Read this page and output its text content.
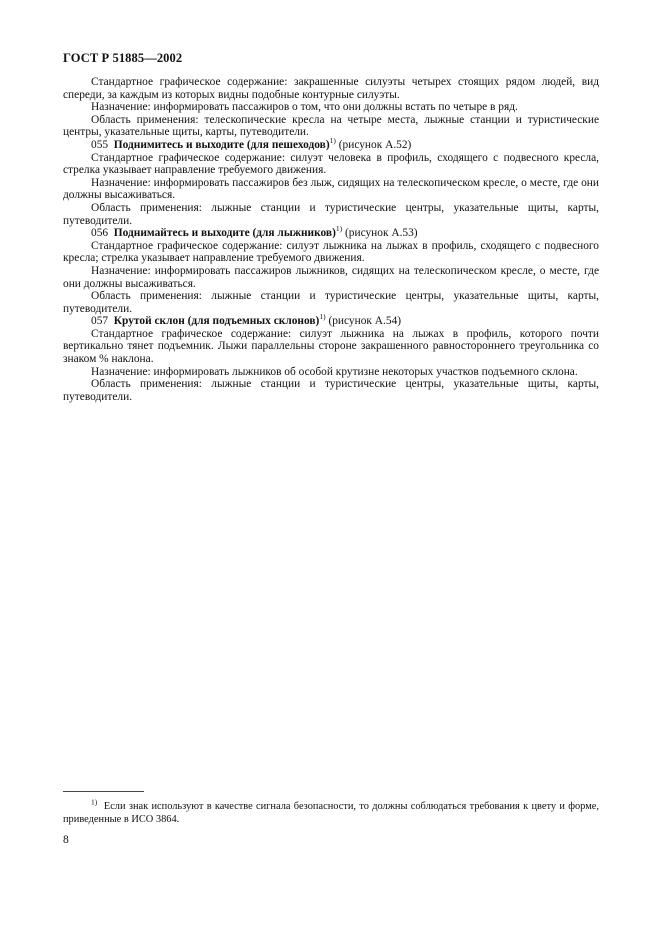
ГОСТ Р 51885—2002

Стандартное графическое содержание: закрашенные силуэты четырех стоящих рядом людей, вид спереди, за каждым из которых видны подобные контурные силуэты.

Назначение: информировать пассажиров о том, что они должны встать по четыре в ряд.

Область применения: телескопические кресла на четыре места, лыжные станции и туристические центры, указательные щиты, карты, путеводители.

055 Поднимитесь и выходите (для пешеходов)$^{1)}$ (рисунок А.52)

Стандартное графическое содержание: силуэт человека в профиль, сходящего с подвесного кресла, стрелка указывает направление требуемого движения.

Назначение: информировать пассажиров без лыж, сидящих на телескопическом кресле, о месте, где они должны высаживаться.

Область применения: лыжные станции и туристические центры, указательные щиты, карты, путеводители.

056 Поднимайтесь и выходите (для лыжников)$^{1)}$ (рисунок А.53)

Стандартное графическое содержание: силуэт лыжника на лыжах в профиль, сходящего с подвесного кресла; стрелка указывает направление требуемого движения.

Назначение: информировать пассажиров лыжников, сидящих на телескопическом кресле, о месте, где они должны высаживаться.

Область применения: лыжные станции и туристические центры, указательные щиты, карты, путеводители.

057 Крутой склон (для подъемных склонов)$^{1)}$ (рисунок А.54)

Стандартное графическое содержание: силуэт лыжника на лыжах в профиль, которого почти вертикально тянет подъемник. Лыжи параллельны стороне закрашенного равностороннего треугольника со знаком % наклона.

Назначение: информировать лыжников об особой крутизне некоторых участков подъемного склона.

Область применения: лыжные станции и туристические центры, указательные щиты, карты, путеводители.

$^{1)}$ Если знак используют в качестве сигнала безопасности, то должны соблюдаться требования к цвету и форме, приведенные в ИСО 3864.
8
